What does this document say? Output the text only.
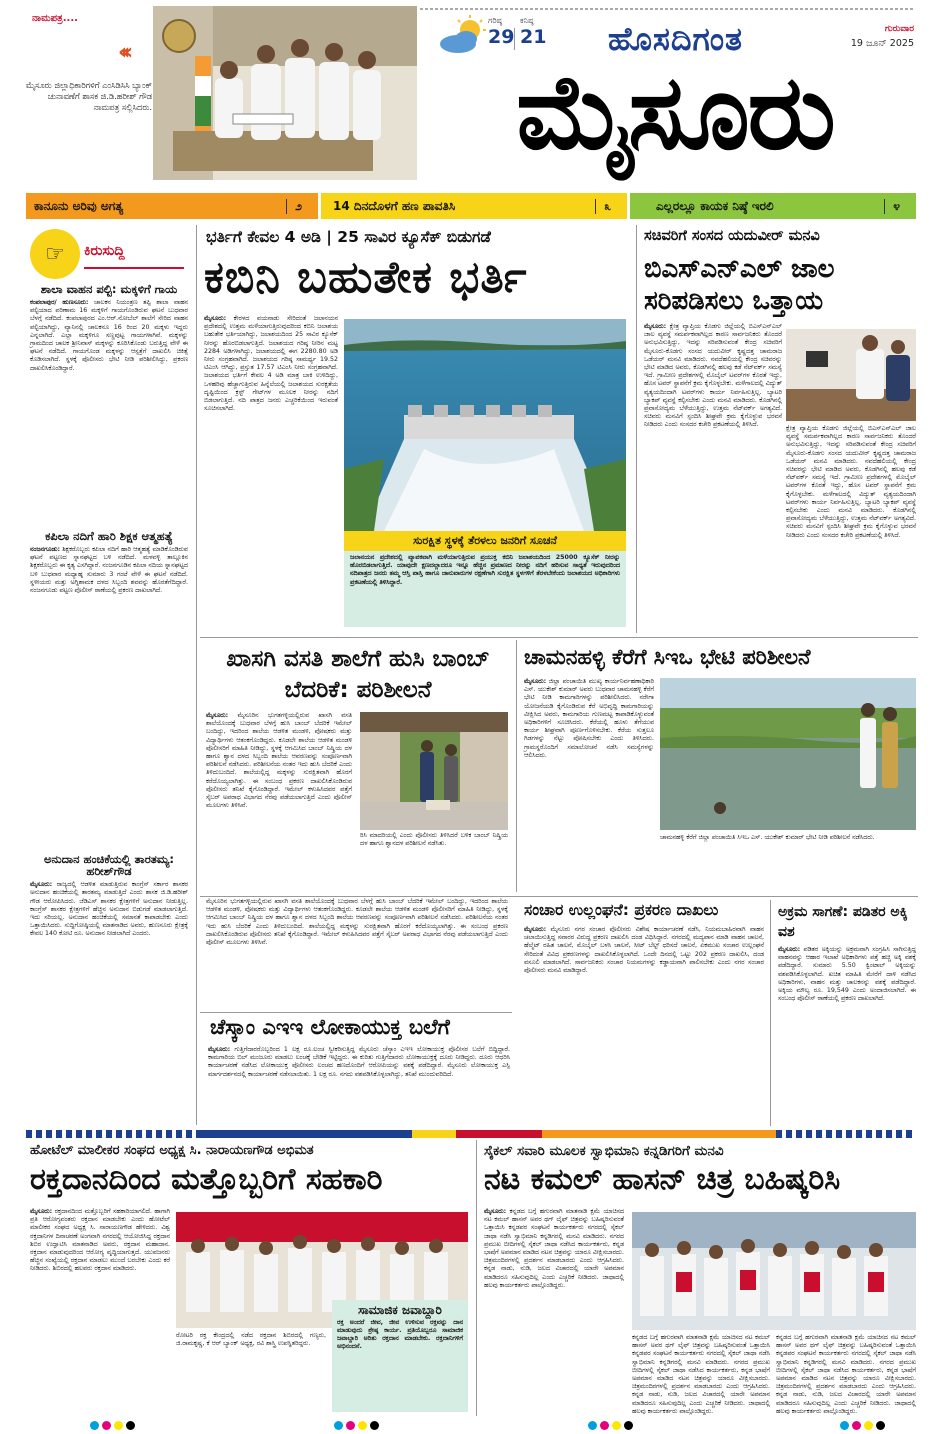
ನಾಮಪತ್ರ....
‹‹‹
ಮೈಸೂರು ಜಿಲ್ಲಾಧಿಕಾರಿಗಳಿಗೆ ಎಂಸಿಡಿಸಿಸಿ ಬ್ಯಾಂಕ್ ಚುನಾವಣೆಗೆ ಶಾಸಕ ಜಿ.ಡಿ.ಹರೀಶ್ ಗೌಡ ನಾಮಪತ್ರ ಸಲ್ಲಿಸಿದರು.
ಹೊಸದಿಗಂತ
ಗರಿಷ್ಠ
29
ಕನಿಷ್ಠ
21	ಗುರುವಾರ
19 ಜೂನ್ 2025
ಮೈಸೂರು
ಕಾನೂನು ಅರಿವು ಅಗತ್ಯ	೨	14 ದಿನದೊಳಗೆ ಹಣ ಪಾವತಿಸಿ	೩	ಎಲ್ಲರಲ್ಲೂ ಕಾಯಕ ನಿಷ್ಠೆ ಇರಲಿ	೪
☞	ಕಿರುಸುದ್ದಿ
ಶಾಲಾ ವಾಹನ ಪಲ್ಟಿ: ಮಕ್ಕಳಿಗೆ ಗಾಯ
ಕಂಪಲಾಪುರ/ ಹುಣಸೂರು: ಚಾಲಕನ ನಿಯಂತ್ರಣ ತಪ್ಪಿ ಶಾಲಾ ವಾಹನ ಪಲ್ಟಿಯಾದ ಪರಿಣಾಮ 16 ಮಕ್ಕಳಿಗೆ ಗಾಯಗೊಂಡಿರುವ ಘಟನೆ ಬುಧವಾರ ಬೆಳಗ್ಗೆ ನಡೆದಿದೆ. ಕಂಪಲಾಪುರದ ಎಂ.ಆರ್.ನೋಬೆಲ್ ಶಾಲೆಗೆ ಸೇರಿದ ವಾಹನ ಪಲ್ಟಿಯಾಗಿದ್ದು, ವ್ಯಾನಿನಲ್ಲಿ ಚಾಲಕನೂ 16 ರಿಂದ 20 ಮಕ್ಕಳು ಇದ್ದರು ಎನ್ನಲಾಗಿದೆ. ಎಲ್ಲಾ ಮಕ್ಕಳಿಗೂ ಸಣ್ಣಪುಟ್ಟ ಗಾಯಗಳಾಗಿವೆ. ಮಕ್ಕಳನ್ನು ಗ್ರಾಮದಿಂದ ಚಾಲಕ ಶ್ರೀನಿವಾಸ್ ಮಕ್ಕಳನ್ನು ಕೂರಿಸಿಕೊಂಡು ಬರುತ್ತಿದ್ದ ವೇಳೆ ಈ ಘಟನೆ ನಡೆದಿದೆ. ಗಾಯಗೊಂಡ ಮಕ್ಕಳನ್ನು ಆಸ್ಪತ್ರೆಗೆ ದಾಖಲಿಸಿ ಚಿಕಿತ್ಸೆ ಕೊಡಿಸಲಾಗಿದೆ. ಸ್ಥಳಕ್ಕೆ ಪೊಲೀಸರು ಭೇಟಿ ನೀಡಿ ಪರಿಶೀಲಿಸಿದ್ದು, ಪ್ರಕರಣ ದಾಖಲಿಸಿಕೊಂಡಿದ್ದಾರೆ.
ಕಪಿಲಾ ನದಿಗೆ ಹಾರಿ ಶಿಕ್ಷಕ ಆತ್ಮಹತ್ಯೆ
ನಂಜನಗೂಡು: ಶಿಕ್ಷಕರೊಬ್ಬರು ಕಪಿಲಾ ನದಿಗೆ ಹಾರಿ ಆತ್ಮಹತ್ಯೆ ಮಾಡಿಕೊಂಡಿರುವ ಘಟನೆ ಪಟ್ಟಣದ ಸ್ನಾನಘಟ್ಟದ ಬಳಿ ನಡೆದಿದೆ. ಮಳವಳ್ಳಿ ತಾಲ್ಲೂಕಿನ ಶಿಕ್ಷಕರೊಬ್ಬರು ಈ ಕೃತ್ಯ ಎಸಗಿದ್ದಾರೆ. ನಂಜನಗೂಡಿನ ಕಪಿಲಾ ನದಿಯ ಸ್ನಾನಘಟ್ಟದ ಬಳಿ ಬುಧವಾರ ಮಧ್ಯಾಹ್ನ ಸುಮಾರು 3 ಗಂಟೆ ವೇಳೆ ಈ ಘಟನೆ ನಡೆದಿದೆ. ಸ್ಥಳೀಯರು ಮತ್ತು ಅಗ್ನಿಶಾಮಕ ದಳದ ಸಿಬ್ಬಂದಿ ಶವವನ್ನು ಹೊರತೆಗೆದಿದ್ದಾರೆ. ನಂಜನಗೂಡು ಪಟ್ಟಣ ಪೊಲೀಸ್ ಠಾಣೆಯಲ್ಲಿ ಪ್ರಕರಣ ದಾಖಲಾಗಿದೆ.
ಅನುದಾನ ಹಂಚಿಕೆಯಲ್ಲಿ ತಾರತಮ್ಯ: ಹರೀಶ್‌ಗೌಡ
ಮೈಸೂರು: ರಾಜ್ಯದಲ್ಲಿ ಆಡಳಿತ ಮಾಡುತ್ತಿರುವ ಕಾಂಗ್ರೆಸ್ ಸರ್ಕಾರ ಶಾಸಕರ ಅನುದಾನ ಹಂಚಿಕೆಯಲ್ಲಿ ತಾರತಮ್ಯ ಮಾಡುತ್ತಿದೆ ಎಂದು ಶಾಸಕ ಜಿ.ಡಿ.ಹರೀಶ್ ಗೌಡ ಆರೋಪಿಸಿದರು. ಜೆಡಿಎಸ್ ಶಾಸಕರ ಕ್ಷೇತ್ರಗಳಿಗೆ ಅನುದಾನ ನೀಡುತ್ತಿಲ್ಲ. ಕಾಂಗ್ರೆಸ್ ಶಾಸಕರ ಕ್ಷೇತ್ರಗಳಿಗೆ ಹೆಚ್ಚಿನ ಅನುದಾನ ಬಿಡುಗಡೆ ಮಾಡಲಾಗುತ್ತಿದೆ. ಇದು ಸರಿಯಲ್ಲ. ಅನುದಾನ ಹಂಚಿಕೆಯಲ್ಲಿ ಸಮಾನತೆ ಕಾಪಾಡಬೇಕು ಎಂದು ಒತ್ತಾಯಿಸಿದರು. ಸುದ್ದಿಗೋಷ್ಠಿಯಲ್ಲಿ ಮಾತನಾಡಿದ ಅವರು, ಹುಣಸೂರು ಕ್ಷೇತ್ರಕ್ಕೆ ಕೇವಲ 140 ಕೋಟಿ ರೂ. ಅನುದಾನ ನೀಡಲಾಗಿದೆ ಎಂದರು.
ಭರ್ತಿಗೆ ಕೇವಲ 4 ಅಡಿ | 25 ಸಾವಿರ ಕ್ಯೂಸೆಕ್ ಬಿಡುಗಡೆ
ಕಬಿನಿ ಬಹುತೇಕ ಭರ್ತಿ
ಮೈಸೂರು: ಕೇರಳದ ವಯನಾಡು ಸೇರಿದಂತೆ ಜಲಾನಯನ ಪ್ರದೇಶದಲ್ಲಿ ಉತ್ತಮ ಮಳೆಯಾಗುತ್ತಿರುವುದರಿಂದ ಕಬಿನಿ ಜಲಾಶಯ ಬಹುತೇಕ ಭರ್ತಿಯಾಗಿದ್ದು, ಜಲಾಶಯದಿಂದ 25 ಸಾವಿರ ಕ್ಯೂಸೆಕ್ ನೀರನ್ನು ಹೊರಬಿಡಲಾಗುತ್ತಿದೆ. ಜಲಾಶಯದ ಗರಿಷ್ಠ ನೀರಿನ ಮಟ್ಟ 2284 ಅಡಿಗಳಾಗಿದ್ದು, ಜಲಾಶಯದಲ್ಲಿ ಈಗ 2280.80 ಅಡಿ ನೀರು ಸಂಗ್ರಹವಾಗಿದೆ. ಜಲಾಶಯದ ಗರಿಷ್ಠ ಸಾಮರ್ಥ್ಯ 19.52 ಟಿಎಂಸಿ ಆಗಿದ್ದು, ಪ್ರಸ್ತುತ 17.57 ಟಿಎಂಸಿ ನೀರು ಸಂಗ್ರಹವಾಗಿದೆ. ಜಲಾಶಯದ ಭರ್ತಿಗೆ ಕೇವಲ 4 ಅಡಿ ಮಾತ್ರ ಬಾಕಿ ಉಳಿದಿದ್ದು, ಒಳಹರಿವು ಹೆಚ್ಚಾಗುತ್ತಿರುವ ಹಿನ್ನೆಲೆಯಲ್ಲಿ ಜಲಾಶಯದ ಸುರಕ್ಷತೆಯ ದೃಷ್ಟಿಯಿಂದ ಕ್ರಸ್ಟ್ ಗೇಟ್‌ಗಳ ಮೂಲಕ ನೀರನ್ನು ನದಿಗೆ ಬಿಡಲಾಗುತ್ತಿದೆ. ನದಿ ಪಾತ್ರದ ಜನರು ಎಚ್ಚರಿಕೆಯಿಂದ ಇರುವಂತೆ ಸೂಚಿಸಲಾಗಿದೆ.
ಸುರಕ್ಷಿತ ಸ್ಥಳಕ್ಕೆ ತೆರಳಲು ಜನರಿಗೆ ಸೂಚನೆ
ಜಲಾನಯನ ಪ್ರದೇಶದಲ್ಲಿ ವ್ಯಾಪಕವಾಗಿ ಮಳೆಯಾಗುತ್ತಿರುವ ಪ್ರಯುಕ್ತ ಕಬಿನಿ ಜಲಾಶಯದಿಂದ 25000 ಕ್ಯೂಸೆಕ್ ನೀರನ್ನು ಹೊರಬಿಡಲಾಗುತ್ತಿದೆ. ಯಾವುದೇ ಕ್ಷಣದಲ್ಲಾದರೂ ಇನ್ನೂ ಹೆಚ್ಚಿನ ಪ್ರಮಾಣದ ನೀರನ್ನು ನದಿಗೆ ಹರಿಸುವ ಸಾಧ್ಯತೆ ಇರುವುದರಿಂದ ನದಿಪಾತ್ರದ ಜನರು ತಮ್ಮ ಆಸ್ತಿ ಪಾಸ್ತಿ ಹಾಗೂ ಜಾನುವಾರುಗಳ ರಕ್ಷಣೆಗಾಗಿ ಸುರಕ್ಷಿತ ಸ್ಥಳಗಳಿಗೆ ತೆರಳಬೇಕೆಂದು ಜಲಾಶಯದ ಅಧಿಕಾರಿಗಳು ಪ್ರಕಟಣೆಯಲ್ಲಿ ತಿಳಿಸಿದ್ದಾರೆ.
ಸಚಿವರಿಗೆ ಸಂಸದ ಯದುವೀರ್ ಮನವಿ
ಬಿಎಸ್‌ಎನ್‌ಎಲ್ ಜಾಲ ಸರಿಪಡಿಸಲು ಒತ್ತಾಯ
ಮೈಸೂರು: ಕ್ಷೇತ್ರ ವ್ಯಾಪ್ತಿಯ ಕೊಡಗು ಜಿಲ್ಲೆಯಲ್ಲಿ ಬಿಎಸ್‌ಎನ್‌ಎಲ್ ಜಾಲ ವ್ಯವಸ್ಥೆ ಸಮರ್ಪಕವಾಗಿಲ್ಲದ ಕಾರಣ ಸಾರ್ವಜನಿಕರು ತೊಂದರೆ ಅನುಭವಿಸುತ್ತಿದ್ದು, ಇದನ್ನು ಸರಿಪಡಿಸುವಂತೆ ಕೇಂದ್ರ ಸಚಿವರಿಗೆ ಮೈಸೂರು-ಕೊಡಗು ಸಂಸದ ಯದುವೀರ್ ಕೃಷ್ಣದತ್ತ ಚಾಮರಾಜ ಒಡೆಯರ್ ಮನವಿ ಮಾಡಿದರು. ನವದೆಹಲಿಯಲ್ಲಿ ಕೇಂದ್ರ ಸಚಿವರನ್ನು ಭೇಟಿ ಮಾಡಿದ ಅವರು, ಕೊಡಗಿನಲ್ಲಿ ಹಲವು ಕಡೆ ನೆಟ್‌ವರ್ಕ್ ಸಮಸ್ಯೆ ಇದೆ. ಗ್ರಾಮೀಣ ಪ್ರದೇಶಗಳಲ್ಲಿ ಮೊಬೈಲ್ ಟವರ್‌ಗಳ ಕೊರತೆ ಇದ್ದು, ಹೊಸ ಟವರ್ ಸ್ಥಾಪನೆಗೆ ಕ್ರಮ ಕೈಗೊಳ್ಳಬೇಕು. ಮಳೆಗಾಲದಲ್ಲಿ ವಿದ್ಯುತ್ ವ್ಯತ್ಯಯದಿಂದಾಗಿ ಟವರ್‌ಗಳು ಕಾರ್ಯ ನಿರ್ವಹಿಸುತ್ತಿಲ್ಲ. ಬ್ಯಾಟರಿ ಬ್ಯಾಕಪ್ ವ್ಯವಸ್ಥೆ ಕಲ್ಪಿಸಬೇಕು ಎಂದು ಮನವಿ ಮಾಡಿದರು. ಕೊಡಗಿನಲ್ಲಿ ಪ್ರವಾಸೋದ್ಯಮ ಬೆಳೆಯುತ್ತಿದ್ದು, ಉತ್ತಮ ನೆಟ್‌ವರ್ಕ್ ಅಗತ್ಯವಿದೆ. ಸಚಿವರು ಮನವಿಗೆ ಸ್ಪಂದಿಸಿ ಶೀಘ್ರವೇ ಕ್ರಮ ಕೈಗೊಳ್ಳುವ ಭರವಸೆ ನೀಡಿದರು ಎಂದು ಸಂಸದರ ಕಚೇರಿ ಪ್ರಕಟಣೆಯಲ್ಲಿ ತಿಳಿಸಿದೆ.
ಕ್ಷೇತ್ರ ವ್ಯಾಪ್ತಿಯ ಕೊಡಗು ಜಿಲ್ಲೆಯಲ್ಲಿ ಬಿಎಸ್‌ಎನ್‌ಎಲ್ ಜಾಲ ವ್ಯವಸ್ಥೆ ಸಮರ್ಪಕವಾಗಿಲ್ಲದ ಕಾರಣ ಸಾರ್ವಜನಿಕರು ತೊಂದರೆ ಅನುಭವಿಸುತ್ತಿದ್ದು, ಇದನ್ನು ಸರಿಪಡಿಸುವಂತೆ ಕೇಂದ್ರ ಸಚಿವರಿಗೆ ಮೈಸೂರು-ಕೊಡಗು ಸಂಸದ ಯದುವೀರ್ ಕೃಷ್ಣದತ್ತ ಚಾಮರಾಜ ಒಡೆಯರ್ ಮನವಿ ಮಾಡಿದರು. ನವದೆಹಲಿಯಲ್ಲಿ ಕೇಂದ್ರ ಸಚಿವರನ್ನು ಭೇಟಿ ಮಾಡಿದ ಅವರು, ಕೊಡಗಿನಲ್ಲಿ ಹಲವು ಕಡೆ ನೆಟ್‌ವರ್ಕ್ ಸಮಸ್ಯೆ ಇದೆ. ಗ್ರಾಮೀಣ ಪ್ರದೇಶಗಳಲ್ಲಿ ಮೊಬೈಲ್ ಟವರ್‌ಗಳ ಕೊರತೆ ಇದ್ದು, ಹೊಸ ಟವರ್ ಸ್ಥಾಪನೆಗೆ ಕ್ರಮ ಕೈಗೊಳ್ಳಬೇಕು. ಮಳೆಗಾಲದಲ್ಲಿ ವಿದ್ಯುತ್ ವ್ಯತ್ಯಯದಿಂದಾಗಿ ಟವರ್‌ಗಳು ಕಾರ್ಯ ನಿರ್ವಹಿಸುತ್ತಿಲ್ಲ. ಬ್ಯಾಟರಿ ಬ್ಯಾಕಪ್ ವ್ಯವಸ್ಥೆ ಕಲ್ಪಿಸಬೇಕು ಎಂದು ಮನವಿ ಮಾಡಿದರು. ಕೊಡಗಿನಲ್ಲಿ ಪ್ರವಾಸೋದ್ಯಮ ಬೆಳೆಯುತ್ತಿದ್ದು, ಉತ್ತಮ ನೆಟ್‌ವರ್ಕ್ ಅಗತ್ಯವಿದೆ. ಸಚಿವರು ಮನವಿಗೆ ಸ್ಪಂದಿಸಿ ಶೀಘ್ರವೇ ಕ್ರಮ ಕೈಗೊಳ್ಳುವ ಭರವಸೆ ನೀಡಿದರು ಎಂದು ಸಂಸದರ ಕಚೇರಿ ಪ್ರಕಟಣೆಯಲ್ಲಿ ತಿಳಿಸಿದೆ.
ಖಾಸಗಿ ವಸತಿ ಶಾಲೆಗೆ ಹುಸಿ ಬಾಂಬ್ ಬೆದರಿಕೆ: ಪರಿಶೀಲನೆ
ಮೈಸೂರು: ಮೈಸೂರಿನ ಭುಗತಗಳ್ಳಿಯಲ್ಲಿರುವ ಖಾಸಗಿ ವಸತಿ ಶಾಲೆಯೊಂದಕ್ಕೆ ಬುಧವಾರ ಬೆಳಗ್ಗೆ ಹುಸಿ ಬಾಂಬ್ ಬೆದರಿಕೆ ಇಮೇಲ್ ಬಂದಿದ್ದು, ಇದರಿಂದ ಶಾಲೆಯ ಆಡಳಿತ ಮಂಡಳಿ, ಪೋಷಕರು ಮತ್ತು ವಿದ್ಯಾರ್ಥಿಗಳು ಆತಂಕಗೊಂಡಿದ್ದರು. ಕೂಡಲೇ ಶಾಲೆಯ ಆಡಳಿತ ಮಂಡಳಿ ಪೊಲೀಸರಿಗೆ ಮಾಹಿತಿ ನೀಡಿದ್ದು, ಸ್ಥಳಕ್ಕೆ ಆಗಮಿಸಿದ ಬಾಂಬ್ ನಿಷ್ಕ್ರಿಯ ದಳ ಹಾಗೂ ಶ್ವಾನ ದಳದ ಸಿಬ್ಬಂದಿ ಶಾಲೆಯ ಆವರಣವನ್ನು ಸಂಪೂರ್ಣವಾಗಿ ಪರಿಶೀಲನೆ ನಡೆಸಿದರು. ಪರಿಶೀಲನೆಯ ನಂತರ ಇದು ಹುಸಿ ಬೆದರಿಕೆ ಎಂದು ತಿಳಿದುಬಂದಿದೆ. ಶಾಲೆಯಲ್ಲಿದ್ದ ಮಕ್ಕಳನ್ನು ಸುರಕ್ಷಿತವಾಗಿ ಹೊರಗೆ ಕರೆದೊಯ್ಯಲಾಗಿತ್ತು. ಈ ಸಂಬಂಧ ಪ್ರಕರಣ ದಾಖಲಿಸಿಕೊಂಡಿರುವ ಪೊಲೀಸರು ತನಿಖೆ ಕೈಗೊಂಡಿದ್ದಾರೆ. ಇಮೇಲ್ ಕಳುಹಿಸಿದವರ ಪತ್ತೆಗೆ ಸೈಬರ್ ಅಪರಾಧ ವಿಭಾಗದ ನೆರವು ಪಡೆಯಲಾಗುತ್ತಿದೆ ಎಂದು ಪೊಲೀಸ್ ಮೂಲಗಳು ತಿಳಿಸಿವೆ.
ರಿಸಿ ಮಾದರಿಯಲ್ಲಿ ಎಂದು ಪೊಲೀಸರು ತಿಳಿಸಿದರೆ ಬಳಿಕ ಬಾಂಬ್ ನಿಷ್ಕ್ರಿಯ ದಳ ಹಾಗೂ ಶ್ವಾನದಳ ಪರಿಶೀಲನೆ ನಡೆಸಿತು.
ಚಾಮನಹಳ್ಳಿ ಕೆರೆಗೆ ಸಿಇಒ ಭೇಟಿ ಪರಿಶೀಲನೆ
ಮೈಸೂರು: ಜಿಲ್ಲಾ ಪಂಚಾಯಿತಿ ಮುಖ್ಯ ಕಾರ್ಯನಿರ್ವಹಣಾಧಿಕಾರಿ ಎಸ್. ಯುಕೇಶ್ ಕುಮಾರ್ ಅವರು ಬುಧವಾರ ಚಾಮನಹಳ್ಳಿ ಕೆರೆಗೆ ಭೇಟಿ ನೀಡಿ ಕಾಮಗಾರಿಗಳನ್ನು ಪರಿಶೀಲಿಸಿದರು. ನರೇಗಾ ಯೋಜನೆಯಡಿ ಕೈಗೊಂಡಿರುವ ಕೆರೆ ಅಭಿವೃದ್ಧಿ ಕಾಮಗಾರಿಯನ್ನು ವೀಕ್ಷಿಸಿದ ಅವರು, ಕಾಮಗಾರಿಯ ಗುಣಮಟ್ಟ ಕಾಪಾಡಿಕೊಳ್ಳುವಂತೆ ಅಧಿಕಾರಿಗಳಿಗೆ ಸೂಚಿಸಿದರು. ಕೆರೆಯಲ್ಲಿ ಹೂಳು ತೆಗೆಯುವ ಕಾರ್ಯ ಶೀಘ್ರವಾಗಿ ಪೂರ್ಣಗೊಳಿಸಬೇಕು. ಕೆರೆಯ ಸುತ್ತಲೂ ಗಿಡಗಳನ್ನು ನೆಟ್ಟು ಪೋಷಿಸಬೇಕು ಎಂದು ತಿಳಿಸಿದರು. ಗ್ರಾಮಸ್ಥರೊಂದಿಗೆ ಸಮಾಲೋಚನೆ ನಡೆಸಿ ಸಮಸ್ಯೆಗಳನ್ನು ಆಲಿಸಿದರು.
ಚಾಮನಹಳ್ಳಿ ಕೆರೆಗೆ ಜಿಲ್ಲಾ ಪಂಚಾಯಿತಿ ಸಿಇಒ ಎಸ್. ಯುಕೇಶ್ ಕುಮಾರ್ ಭೇಟಿ ನೀಡಿ ಪರಿಶೀಲನೆ ನಡೆಸಿದರು.
ಚೆಸ್ಕಾಂ ಎಇಇ ಲೋಕಾಯುಕ್ತ ಬಲೆಗೆ
ಮೈಸೂರು: ಗುತ್ತಿಗೆದಾರರೊಬ್ಬರಿಂದ 1 ಲಕ್ಷ ರೂ.ಲಂಚ ಸ್ವೀಕರಿಸುತ್ತಿದ್ದ ಮೈಸೂರು ಚೆಸ್ಕಾಂ ಎಇಇ ಲೋಕಾಯುಕ್ತ ಪೊಲೀಸರ ಬಲೆಗೆ ಬಿದ್ದಿದ್ದಾರೆ. ಕಾಮಗಾರಿಯ ಬಿಲ್ ಮಂಜೂರು ಮಾಡಲು ಲಂಚಕ್ಕೆ ಬೇಡಿಕೆ ಇಟ್ಟಿದ್ದರು. ಈ ಕುರಿತು ಗುತ್ತಿಗೆದಾರರು ಲೋಕಾಯುಕ್ತಕ್ಕೆ ದೂರು ನೀಡಿದ್ದರು. ದೂರು ಆಧರಿಸಿ ಕಾರ್ಯಾಚರಣೆ ನಡೆಸಿದ ಲೋಕಾಯುಕ್ತ ಪೊಲೀಸರು ಲಂಚದ ಹಣದೊಂದಿಗೆ ಆರೋಪಿಯನ್ನು ವಶಕ್ಕೆ ಪಡೆದಿದ್ದಾರೆ. ಮೈಸೂರು ಲೋಕಾಯುಕ್ತ ಎಸ್ಪಿ ಮಾರ್ಗದರ್ಶನದಲ್ಲಿ ಕಾರ್ಯಾಚರಣೆ ನಡೆಸಲಾಯಿತು. 1 ಲಕ್ಷ ರೂ. ನಗದು ವಶಪಡಿಸಿಕೊಳ್ಳಲಾಗಿದ್ದು, ತನಿಖೆ ಮುಂದುವರಿದಿದೆ.
ಮೈಸೂರಿನ ಭುಗತಗಳ್ಳಿಯಲ್ಲಿರುವ ಖಾಸಗಿ ವಸತಿ ಶಾಲೆಯೊಂದಕ್ಕೆ ಬುಧವಾರ ಬೆಳಗ್ಗೆ ಹುಸಿ ಬಾಂಬ್ ಬೆದರಿಕೆ ಇಮೇಲ್ ಬಂದಿದ್ದು, ಇದರಿಂದ ಶಾಲೆಯ ಆಡಳಿತ ಮಂಡಳಿ, ಪೋಷಕರು ಮತ್ತು ವಿದ್ಯಾರ್ಥಿಗಳು ಆತಂಕಗೊಂಡಿದ್ದರು. ಕೂಡಲೇ ಶಾಲೆಯ ಆಡಳಿತ ಮಂಡಳಿ ಪೊಲೀಸರಿಗೆ ಮಾಹಿತಿ ನೀಡಿದ್ದು, ಸ್ಥಳಕ್ಕೆ ಆಗಮಿಸಿದ ಬಾಂಬ್ ನಿಷ್ಕ್ರಿಯ ದಳ ಹಾಗೂ ಶ್ವಾನ ದಳದ ಸಿಬ್ಬಂದಿ ಶಾಲೆಯ ಆವರಣವನ್ನು ಸಂಪೂರ್ಣವಾಗಿ ಪರಿಶೀಲನೆ ನಡೆಸಿದರು. ಪರಿಶೀಲನೆಯ ನಂತರ ಇದು ಹುಸಿ ಬೆದರಿಕೆ ಎಂದು ತಿಳಿದುಬಂದಿದೆ. ಶಾಲೆಯಲ್ಲಿದ್ದ ಮಕ್ಕಳನ್ನು ಸುರಕ್ಷಿತವಾಗಿ ಹೊರಗೆ ಕರೆದೊಯ್ಯಲಾಗಿತ್ತು. ಈ ಸಂಬಂಧ ಪ್ರಕರಣ ದಾಖಲಿಸಿಕೊಂಡಿರುವ ಪೊಲೀಸರು ತನಿಖೆ ಕೈಗೊಂಡಿದ್ದಾರೆ. ಇಮೇಲ್ ಕಳುಹಿಸಿದವರ ಪತ್ತೆಗೆ ಸೈಬರ್ ಅಪರಾಧ ವಿಭಾಗದ ನೆರವು ಪಡೆಯಲಾಗುತ್ತಿದೆ ಎಂದು ಪೊಲೀಸ್ ಮೂಲಗಳು ತಿಳಿಸಿವೆ.
ಸಂಚಾರ ಉಲ್ಲಂಘನೆ: ಪ್ರಕರಣ ದಾಖಲು
ಮೈಸೂರು: ಮೈಸೂರು ನಗರ ಸಂಚಾರ ಪೊಲೀಸರು ವಿಶೇಷ ಕಾರ್ಯಾಚರಣೆ ನಡೆಸಿ, ನಿಯಮಬಾಹಿರವಾಗಿ ವಾಹನ ಚಲಾಯಿಸುತ್ತಿದ್ದ ಸವಾರರ ವಿರುದ್ಧ ಪ್ರಕರಣ ದಾಖಲಿಸಿ ದಂಡ ವಿಧಿಸಿದ್ದಾರೆ. ನಗರದಲ್ಲಿ ಮದ್ಯಪಾನ ಮಾಡಿ ವಾಹನ ಚಾಲನೆ, ಹೆಲ್ಮೆಟ್ ರಹಿತ ಚಾಲನೆ, ಮೊಬೈಲ್ ಬಳಸಿ ಚಾಲನೆ, ಸೀಟ್ ಬೆಲ್ಟ್ ಧರಿಸದೆ ಚಾಲನೆ, ಏಕಮುಖ ಸಂಚಾರ ಉಲ್ಲಂಘನೆ ಸೇರಿದಂತೆ ವಿವಿಧ ಪ್ರಕರಣಗಳನ್ನು ದಾಖಲಿಸಿಕೊಳ್ಳಲಾಗಿದೆ. ಒಂದೇ ದಿನದಲ್ಲಿ ಒಟ್ಟು 202 ಪ್ರಕರಣ ದಾಖಲಿಸಿ, ದಂಡ ವಸೂಲಿ ಮಾಡಲಾಗಿದೆ. ಸಾರ್ವಜನಿಕರು ಸಂಚಾರ ನಿಯಮಗಳನ್ನು ಕಡ್ಡಾಯವಾಗಿ ಪಾಲಿಸಬೇಕು ಎಂದು ನಗರ ಸಂಚಾರ ಪೊಲೀಸರು ಮನವಿ ಮಾಡಿದ್ದಾರೆ.
ಅಕ್ರಮ ಸಾಗಣೆ: ಪಡಿತರ ಅಕ್ಕಿ ವಶ
ಮೈಸೂರು: ಪಡಿತರ ಅಕ್ಕಿಯನ್ನು ಅಕ್ರಮವಾಗಿ ಸಂಗ್ರಹಿಸಿ ಸಾಗಿಸುತ್ತಿದ್ದ ವಾಹನವನ್ನು ಆಹಾರ ಇಲಾಖೆ ಅಧಿಕಾರಿಗಳು ಪತ್ತೆ ಹಚ್ಚಿ ಅಕ್ಕಿ ವಶಕ್ಕೆ ಪಡೆದಿದ್ದಾರೆ. ಸುಮಾರು 5.50 ಕ್ವಿಂಟಾಲ್ ಅಕ್ಕಿಯನ್ನು ವಶಪಡಿಸಿಕೊಳ್ಳಲಾಗಿದೆ. ಖಚಿತ ಮಾಹಿತಿ ಮೇರೆಗೆ ದಾಳಿ ನಡೆಸಿದ ಅಧಿಕಾರಿಗಳು, ವಾಹನ ಮತ್ತು ಚಾಲಕನನ್ನು ವಶಕ್ಕೆ ಪಡೆದಿದ್ದಾರೆ. ಅಕ್ಕಿಯ ಮೌಲ್ಯ ರೂ. 19,549 ಎಂದು ಅಂದಾಜಿಸಲಾಗಿದೆ. ಈ ಸಂಬಂಧ ಪೊಲೀಸ್ ಠಾಣೆಯಲ್ಲಿ ಪ್ರಕರಣ ದಾಖಲಾಗಿದೆ.
ಹೋಟೆಲ್ ಮಾಲೀಕರ ಸಂಘದ ಅಧ್ಯಕ್ಷ ಸಿ. ನಾರಾಯಣಗೌಡ ಅಭಿಮತ
ರಕ್ತದಾನದಿಂದ ಮತ್ತೊಬ್ಬರಿಗೆ ಸಹಕಾರಿ
ಮೈಸೂರು: ರಕ್ತದಾನದಿಂದ ಮತ್ತೊಬ್ಬರಿಗೆ ಸಹಕಾರಿಯಾಗಲಿದೆ. ಹಾಗಾಗಿ ಪ್ರತಿ ಆರೋಗ್ಯವಂತರು ರಕ್ತದಾನ ಮಾಡಬೇಕು ಎಂದು ಹೋಟೆಲ್ ಮಾಲೀಕರ ಸಂಘದ ಅಧ್ಯಕ್ಷ ಸಿ. ನಾರಾಯಣಗೌಡ ಹೇಳಿದರು. ವಿಶ್ವ ರಕ್ತದಾನಿಗಳ ದಿನಾಚರಣೆ ಅಂಗವಾಗಿ ನಗರದಲ್ಲಿ ಆಯೋಜಿಸಿದ್ದ ರಕ್ತದಾನ ಶಿಬಿರ ಉದ್ಘಾಟಿಸಿ ಮಾತನಾಡಿದ ಅವರು, ರಕ್ತದಾನ ಮಹಾದಾನ. ರಕ್ತದಾನ ಮಾಡುವುದರಿಂದ ಆರೋಗ್ಯ ವೃದ್ಧಿಯಾಗುತ್ತದೆ. ಯುವಜನರು ಹೆಚ್ಚಿನ ಸಂಖ್ಯೆಯಲ್ಲಿ ರಕ್ತದಾನ ಮಾಡಲು ಮುಂದೆ ಬರಬೇಕು ಎಂದು ಕರೆ ನೀಡಿದರು. ಶಿಬಿರದಲ್ಲಿ ಹಲವರು ರಕ್ತದಾನ ಮಾಡಿದರು.
ರೋಟರಿ ರಕ್ತ ಕೇಂದ್ರದಲ್ಲಿ ನಡೆದ ರಕ್ತದಾನ ಶಿಬಿರದಲ್ಲಿ ಗಣ್ಯರು, ಜಿ.ರಾಮಕೃಷ್ಣ, ಕೆ ಆರ್ ಬ್ಯಾಂಕ್ ಅಧ್ಯಕ್ಷ, ರವಿ ಶಾಸ್ತ್ರಿ ಉಪಸ್ಥಿತರಿದ್ದರು.
ಸಾಮಾಜಿಕ ಜವಾಬ್ದಾರಿ
ರಕ್ತ ಅಂದರೆ ಜೀವ, ಜೀವ ಉಳಿಸುವ ರಕ್ತವನ್ನು ದಾನ ಮಾಡುವುದು ಶ್ರೇಷ್ಠ ಕಾರ್ಯ. ಪ್ರತಿಯೊಬ್ಬರೂ ಸಾಮಾಜಿಕ ಜವಾಬ್ದಾರಿ ಅರಿತು ರಕ್ತದಾನ ಮಾಡಬೇಕು. ರಕ್ತದಾನಿಗಳಿಗೆ ಅಭಿನಂದನೆ.
ಸೈಕಲ್ ಸವಾರಿ ಮೂಲಕ ಸ್ವಾಭಿಮಾನಿ ಕನ್ನಡಿಗರಿಗೆ ಮನವಿ
ನಟ ಕಮಲ್ ಹಾಸನ್ ಚಿತ್ರ ಬಹಿಷ್ಕರಿಸಿ
ಮೈಸೂರು: ಕನ್ನಡದ ಬಗ್ಗೆ ಹಗುರವಾಗಿ ಮಾತನಾಡಿ ಕ್ಷಮೆ ಯಾಚಿಸದ ನಟ ಕಮಲ್ ಹಾಸನ್ ಅವರ ಥಗ್ ಲೈಫ್ ಚಿತ್ರವನ್ನು ಬಹಿಷ್ಕರಿಸುವಂತೆ ಒತ್ತಾಯಿಸಿ ಕನ್ನಡಪರ ಸಂಘಟನೆ ಕಾರ್ಯಕರ್ತರು ನಗರದಲ್ಲಿ ಸೈಕಲ್ ಜಾಥಾ ನಡೆಸಿ ಸ್ವಾಭಿಮಾನಿ ಕನ್ನಡಿಗರಲ್ಲಿ ಮನವಿ ಮಾಡಿದರು. ನಗರದ ಪ್ರಮುಖ ಬೀದಿಗಳಲ್ಲಿ ಸೈಕಲ್ ಜಾಥಾ ನಡೆಸಿದ ಕಾರ್ಯಕರ್ತರು, ಕನ್ನಡ ಭಾಷೆಗೆ ಅಪಮಾನ ಮಾಡಿದ ನಟನ ಚಿತ್ರವನ್ನು ಯಾರೂ ವೀಕ್ಷಿಸಬಾರದು. ಚಿತ್ರಮಂದಿರಗಳಲ್ಲಿ ಪ್ರದರ್ಶನ ಮಾಡಬಾರದು ಎಂದು ಆಗ್ರಹಿಸಿದರು. ಕನ್ನಡ ನಾಡು, ನುಡಿ, ಜಲದ ವಿಚಾರದಲ್ಲಿ ಯಾರೇ ಅಪಮಾನ ಮಾಡಿದರೂ ಸಹಿಸುವುದಿಲ್ಲ ಎಂದು ಎಚ್ಚರಿಕೆ ನೀಡಿದರು. ಜಾಥಾದಲ್ಲಿ ಹಲವು ಕಾರ್ಯಕರ್ತರು ಪಾಲ್ಗೊಂಡಿದ್ದರು.
ಕನ್ನಡದ ಬಗ್ಗೆ ಹಗುರವಾಗಿ ಮಾತನಾಡಿ ಕ್ಷಮೆ ಯಾಚಿಸದ ನಟ ಕಮಲ್ ಹಾಸನ್ ಅವರ ಥಗ್ ಲೈಫ್ ಚಿತ್ರವನ್ನು ಬಹಿಷ್ಕರಿಸುವಂತೆ ಒತ್ತಾಯಿಸಿ ಕನ್ನಡಪರ ಸಂಘಟನೆ ಕಾರ್ಯಕರ್ತರು ನಗರದಲ್ಲಿ ಸೈಕಲ್ ಜಾಥಾ ನಡೆಸಿ ಸ್ವಾಭಿಮಾನಿ ಕನ್ನಡಿಗರಲ್ಲಿ ಮನವಿ ಮಾಡಿದರು. ನಗರದ ಪ್ರಮುಖ ಬೀದಿಗಳಲ್ಲಿ ಸೈಕಲ್ ಜಾಥಾ ನಡೆಸಿದ ಕಾರ್ಯಕರ್ತರು, ಕನ್ನಡ ಭಾಷೆಗೆ ಅಪಮಾನ ಮಾಡಿದ ನಟನ ಚಿತ್ರವನ್ನು ಯಾರೂ ವೀಕ್ಷಿಸಬಾರದು. ಚಿತ್ರಮಂದಿರಗಳಲ್ಲಿ ಪ್ರದರ್ಶನ ಮಾಡಬಾರದು ಎಂದು ಆಗ್ರಹಿಸಿದರು. ಕನ್ನಡ ನಾಡು, ನುಡಿ, ಜಲದ ವಿಚಾರದಲ್ಲಿ ಯಾರೇ ಅಪಮಾನ ಮಾಡಿದರೂ ಸಹಿಸುವುದಿಲ್ಲ ಎಂದು ಎಚ್ಚರಿಕೆ ನೀಡಿದರು. ಜಾಥಾದಲ್ಲಿ ಹಲವು ಕಾರ್ಯಕರ್ತರು ಪಾಲ್ಗೊಂಡಿದ್ದರು.
ಕನ್ನಡದ ಬಗ್ಗೆ ಹಗುರವಾಗಿ ಮಾತನಾಡಿ ಕ್ಷಮೆ ಯಾಚಿಸದ ನಟ ಕಮಲ್ ಹಾಸನ್ ಅವರ ಥಗ್ ಲೈಫ್ ಚಿತ್ರವನ್ನು ಬಹಿಷ್ಕರಿಸುವಂತೆ ಒತ್ತಾಯಿಸಿ ಕನ್ನಡಪರ ಸಂಘಟನೆ ಕಾರ್ಯಕರ್ತರು ನಗರದಲ್ಲಿ ಸೈಕಲ್ ಜಾಥಾ ನಡೆಸಿ ಸ್ವಾಭಿಮಾನಿ ಕನ್ನಡಿಗರಲ್ಲಿ ಮನವಿ ಮಾಡಿದರು. ನಗರದ ಪ್ರಮುಖ ಬೀದಿಗಳಲ್ಲಿ ಸೈಕಲ್ ಜಾಥಾ ನಡೆಸಿದ ಕಾರ್ಯಕರ್ತರು, ಕನ್ನಡ ಭಾಷೆಗೆ ಅಪಮಾನ ಮಾಡಿದ ನಟನ ಚಿತ್ರವನ್ನು ಯಾರೂ ವೀಕ್ಷಿಸಬಾರದು. ಚಿತ್ರಮಂದಿರಗಳಲ್ಲಿ ಪ್ರದರ್ಶನ ಮಾಡಬಾರದು ಎಂದು ಆಗ್ರಹಿಸಿದರು. ಕನ್ನಡ ನಾಡು, ನುಡಿ, ಜಲದ ವಿಚಾರದಲ್ಲಿ ಯಾರೇ ಅಪಮಾನ ಮಾಡಿದರೂ ಸಹಿಸುವುದಿಲ್ಲ ಎಂದು ಎಚ್ಚರಿಕೆ ನೀಡಿದರು. ಜಾಥಾದಲ್ಲಿ ಹಲವು ಕಾರ್ಯಕರ್ತರು ಪಾಲ್ಗೊಂಡಿದ್ದರು.
